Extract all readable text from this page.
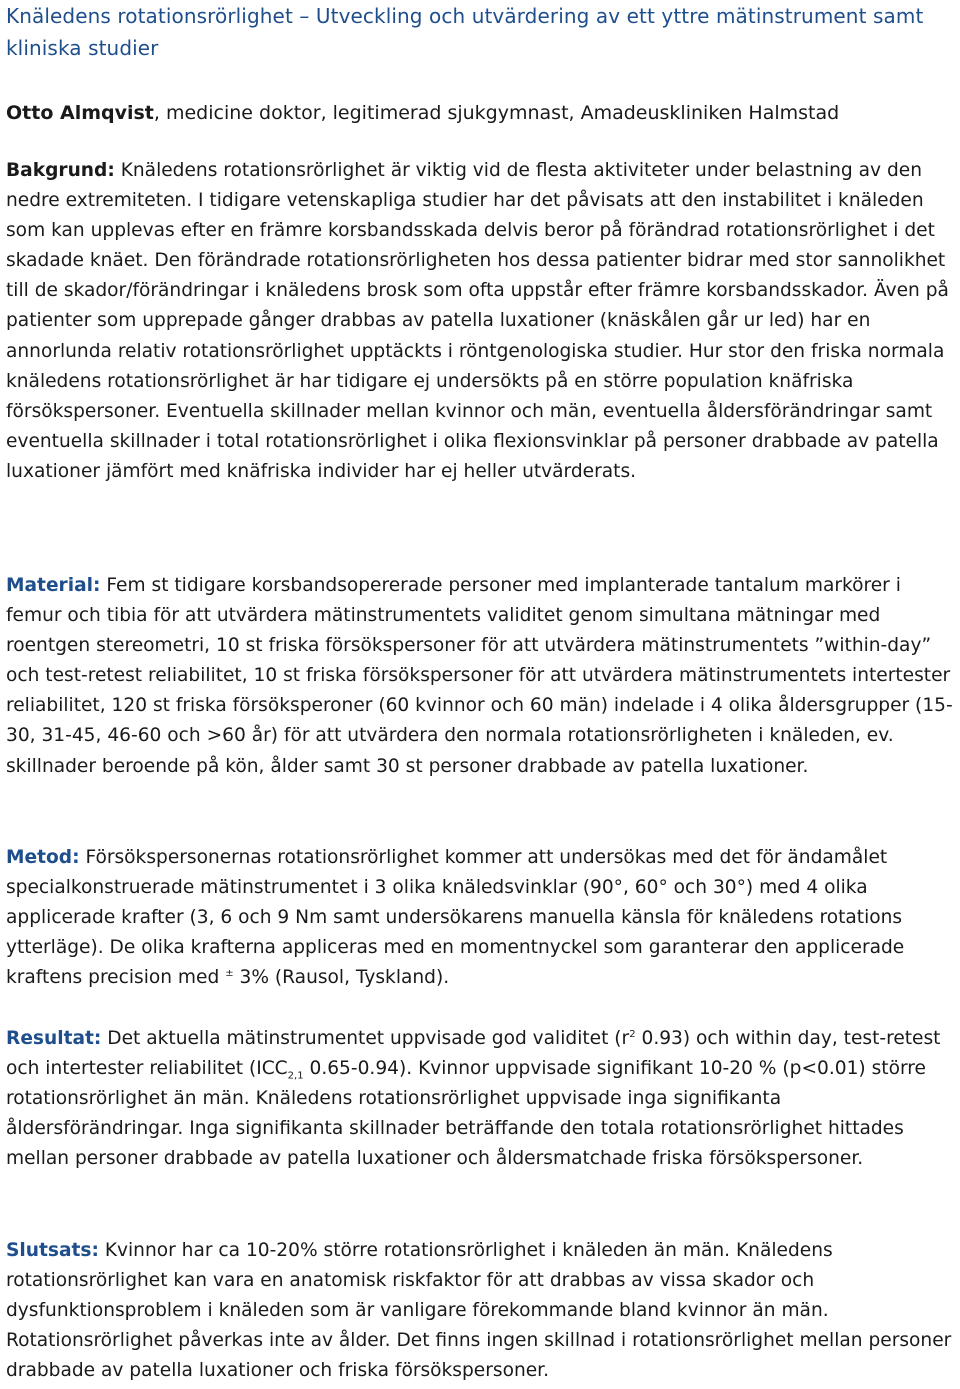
Knäledens rotationsrörlighet – Utveckling och utvärdering av ett yttre mätinstrument samt kliniska studier

Otto Almqvist, medicine doktor, legitimerad sjukgymnast, Amadeuskliniken Halmstad

Bakgrund: Knäledens rotationsrörlighet är viktig vid de flesta aktiviteter under belastning av den nedre extremiteten. I tidigare vetenskapliga studier har det påvisats att den instabilitet i knäleden som kan upplevas efter en främre korsbandsskada delvis beror på förändrad rotationsrörlighet i det skadade knäet. Den förändrade rotationsrörligheten hos dessa patienter bidrar med stor sannolikhet till de skador/förändringar i knäledens brosk som ofta uppstår efter främre korsbandsskador. Även på patienter som upprepade gånger drabbas av patella luxationer (knäskålen går ur led) har en annorlunda relativ rotationsrörlighet upptäckts i röntgenologiska studier. Hur stor den friska normala knäledens rotationsrörlighet är har tidigare ej undersökts på en större population knäfriska försökspersoner. Eventuella skillnader mellan kvinnor och män, eventuella åldersförändringar samt eventuella skillnader i total rotationsrörlighet i olika flexionsvinklar på personer drabbade av patella luxationer jämfört med knäfriska individer har ej heller utvärderats.

Material: Fem st tidigare korsbandsopererade personer med implanterade tantalum markörer i femur och tibia för att utvärdera mätinstrumentets validitet genom simultana mätningar med roentgen stereometri, 10 st friska försökspersoner för att utvärdera mätinstrumentets ”within-day” och test-retest reliabilitet, 10 st friska försökspersoner för att utvärdera mätinstrumentets intertester reliabilitet, 120 st friska försöksperoner (60 kvinnor och 60 män) indelade i 4 olika åldersgrupper (15-30, 31-45, 46-60 och >60 år) för att utvärdera den normala rotationsrörligheten i knäleden, ev. skillnader beroende på kön, ålder samt 30 st personer drabbade av patella luxationer.

Metod: Försökspersonernas rotationsrörlighet kommer att undersökas med det för ändamålet specialkonstruerade mätinstrumentet i 3 olika knäledsvinklar (90°, 60° och 30°) med 4 olika applicerade krafter (3, 6 och 9 Nm samt undersökarens manuella känsla för knäledens rotations ytterläge). De olika krafterna appliceras med en momentnyckel som garanterar den applicerade kraftens precision med ± 3% (Rausol, Tyskland).

Resultat: Det aktuella mätinstrumentet uppvisade god validitet ($r^2$ 0.93) och within day, test-retest och intertester reliabilitet ($ICC_{2,1}$ 0.65-0.94). Kvinnor uppvisade signifikant 10-20 % (p<0.01) större rotationsrörlighet än män. Knäledens rotationsrörlighet uppvisade inga signifikanta åldersförändringar. Inga signifikanta skillnader beträffande den totala rotationsrörlighet hittades mellan personer drabbade av patella luxationer och åldersmatchade friska försökspersoner.

Slutsats: Kvinnor har ca 10-20% större rotationsrörlighet i knäleden än män. Knäledens rotationsrörlighet kan vara en anatomisk riskfaktor för att drabbas av vissa skador och dysfunktionsproblem i knäleden som är vanligare förekommande bland kvinnor än män. Rotationsrörlighet påverkas inte av ålder. Det finns ingen skillnad i rotationsrörlighet mellan personer drabbade av patella luxationer och friska försökspersoner.
